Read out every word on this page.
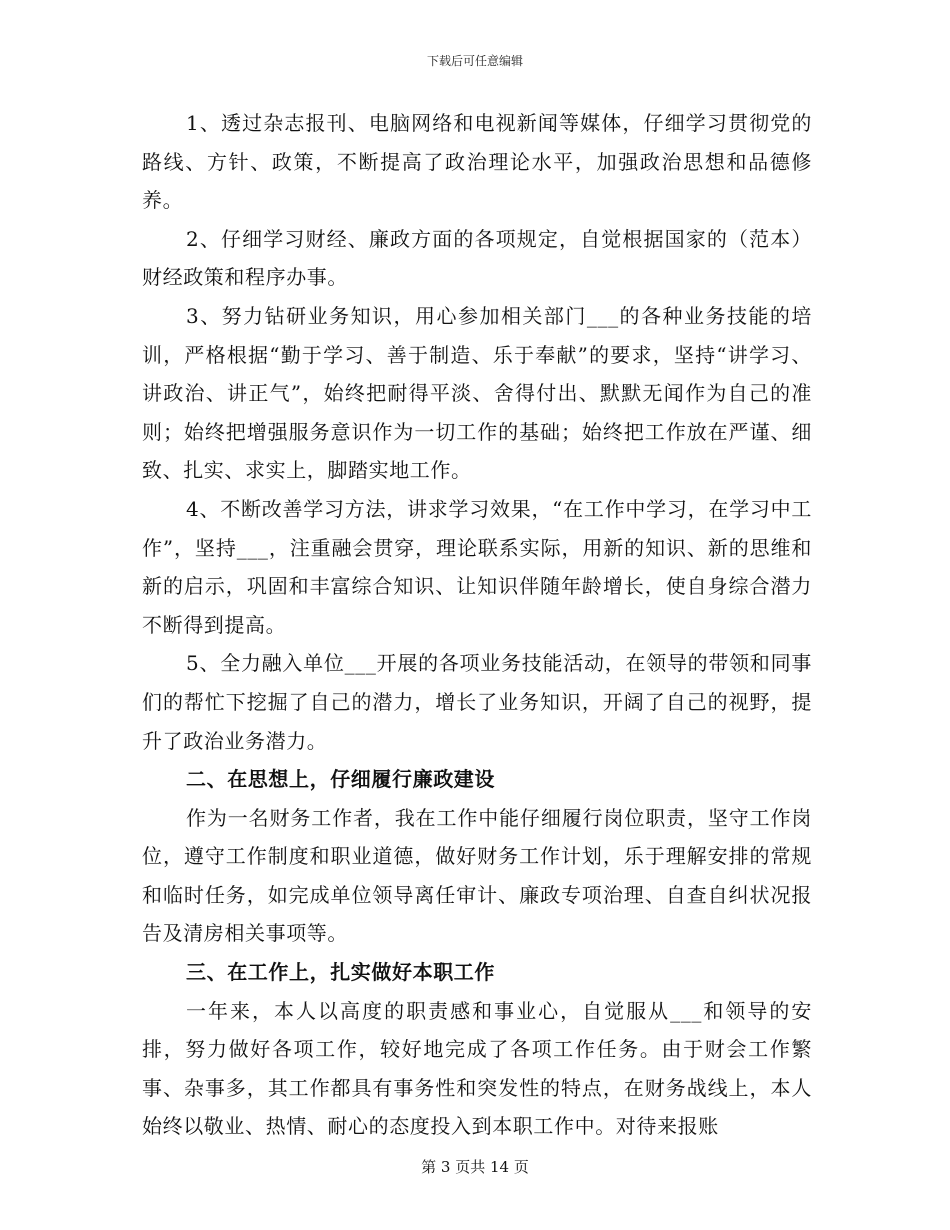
下载后可任意编辑

1、透过杂志报刊、电脑网络和电视新闻等媒体，仔细学习贯彻党的路线、方针、政策，不断提高了政治理论水平，加强政治思想和品德修养。

2、仔细学习财经、廉政方面的各项规定，自觉根据国家的（范本）财经政策和程序办事。

3、努力钻研业务知识，用心参加相关部门___的各种业务技能的培训，严格根据“勤于学习、善于制造、乐于奉献”的要求，坚持“讲学习、讲政治、讲正气”，始终把耐得平淡、舍得付出、默默无闻作为自己的准则；始终把增强服务意识作为一切工作的基础；始终把工作放在严谨、细致、扎实、求实上，脚踏实地工作。

4、不断改善学习方法，讲求学习效果，“在工作中学习，在学习中工作”，坚持___，注重融会贯穿，理论联系实际，用新的知识、新的思维和新的启示，巩固和丰富综合知识、让知识伴随年龄增长，使自身综合潜力不断得到提高。

5、全力融入单位___开展的各项业务技能活动，在领导的带领和同事们的帮忙下挖掘了自己的潜力，增长了业务知识，开阔了自己的视野，提升了政治业务潜力。

二、在思想上，仔细履行廉政建设

作为一名财务工作者，我在工作中能仔细履行岗位职责，坚守工作岗位，遵守工作制度和职业道德，做好财务工作计划，乐于理解安排的常规和临时任务，如完成单位领导离任审计、廉政专项治理、自查自纠状况报告及清房相关事项等。

三、在工作上，扎实做好本职工作

一年来，本人以高度的职责感和事业心，自觉服从___和领导的安排，努力做好各项工作，较好地完成了各项工作任务。由于财会工作繁事、杂事多，其工作都具有事务性和突发性的特点，在财务战线上，本人始终以敬业、热情、耐心的态度投入到本职工作中。对待来报账

第 3 页共 14 页
